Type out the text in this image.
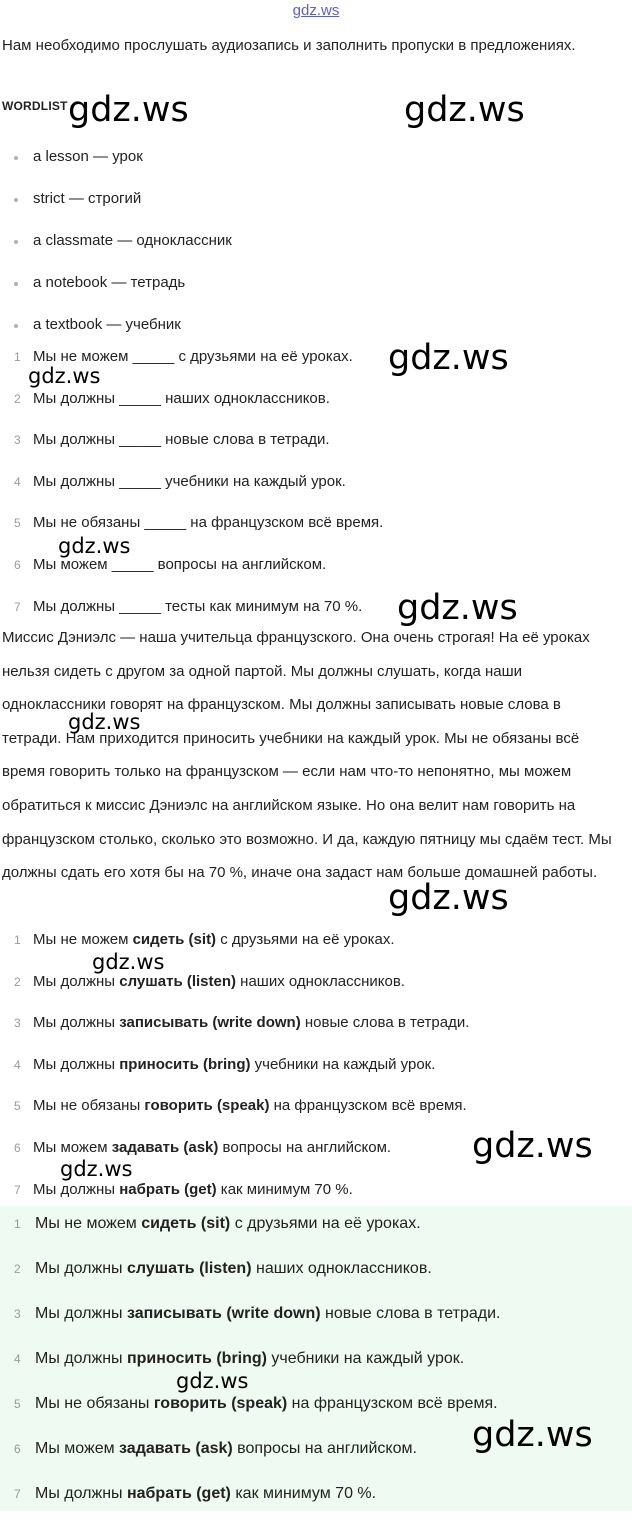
gdz.ws
Нам необходимо прослушать аудиозапись и заполнить пропуски в предложениях.
WORDLIST
a lesson — урок
strict — строгий
a classmate — одноклассник
a notebook — тетрадь
a textbook — учебник
1 Мы не можем _____ с друзьями на её уроках.
2 Мы должны _____ наших одноклассников.
3 Мы должны _____ новые слова в тетради.
4 Мы должны _____ учебники на каждый урок.
5 Мы не обязаны _____ на французском всё время.
6 Мы можем _____ вопросы на английском.
7 Мы должны _____ тесты как минимум на 70 %.
Миссис Дэниэлс — наша учительца французского. Она очень строгая! На её уроках нельзя сидеть с другом за одной партой. Мы должны слушать, когда наши одноклассники говорят на французском. Мы должны записывать новые слова в тетради. Нам приходится приносить учебники на каждый урок. Мы не обязаны всё время говорить только на французском — если нам что-то непонятно, мы можем обратиться к миссис Дэниэлс на английском языке. Но она велит нам говорить на французском столько, сколько это возможно. И да, каждую пятницу мы сдаём тест. Мы должны сдать его хотя бы на 70 %, иначе она задаст нам больше домашней работы.
1 Мы не можем сидеть (sit) с друзьями на её уроках.
2 Мы должны слушать (listen) наших одноклассников.
3 Мы должны записывать (write down) новые слова в тетради.
4 Мы должны приносить (bring) учебники на каждый урок.
5 Мы не обязаны говорить (speak) на французском всё время.
6 Мы можем задавать (ask) вопросы на английском.
7 Мы должны набрать (get) как минимум 70 %.
1 Мы не можем сидеть (sit) с друзьями на её уроках.
2 Мы должны слушать (listen) наших одноклассников.
3 Мы должны записывать (write down) новые слова в тетради.
4 Мы должны приносить (bring) учебники на каждый урок.
5 Мы не обязаны говорить (speak) на французском всё время.
6 Мы можем задавать (ask) вопросы на английском.
7 Мы должны набрать (get) как минимум 70 %.
gdz.ws	gdz.ws
gdz.ws
gdz.ws
gdz.ws
gdz.ws
gdz.ws
gdz.ws
gdz.ws
gdz.ws
gdz.ws
gdz.ws
gdz.ws
